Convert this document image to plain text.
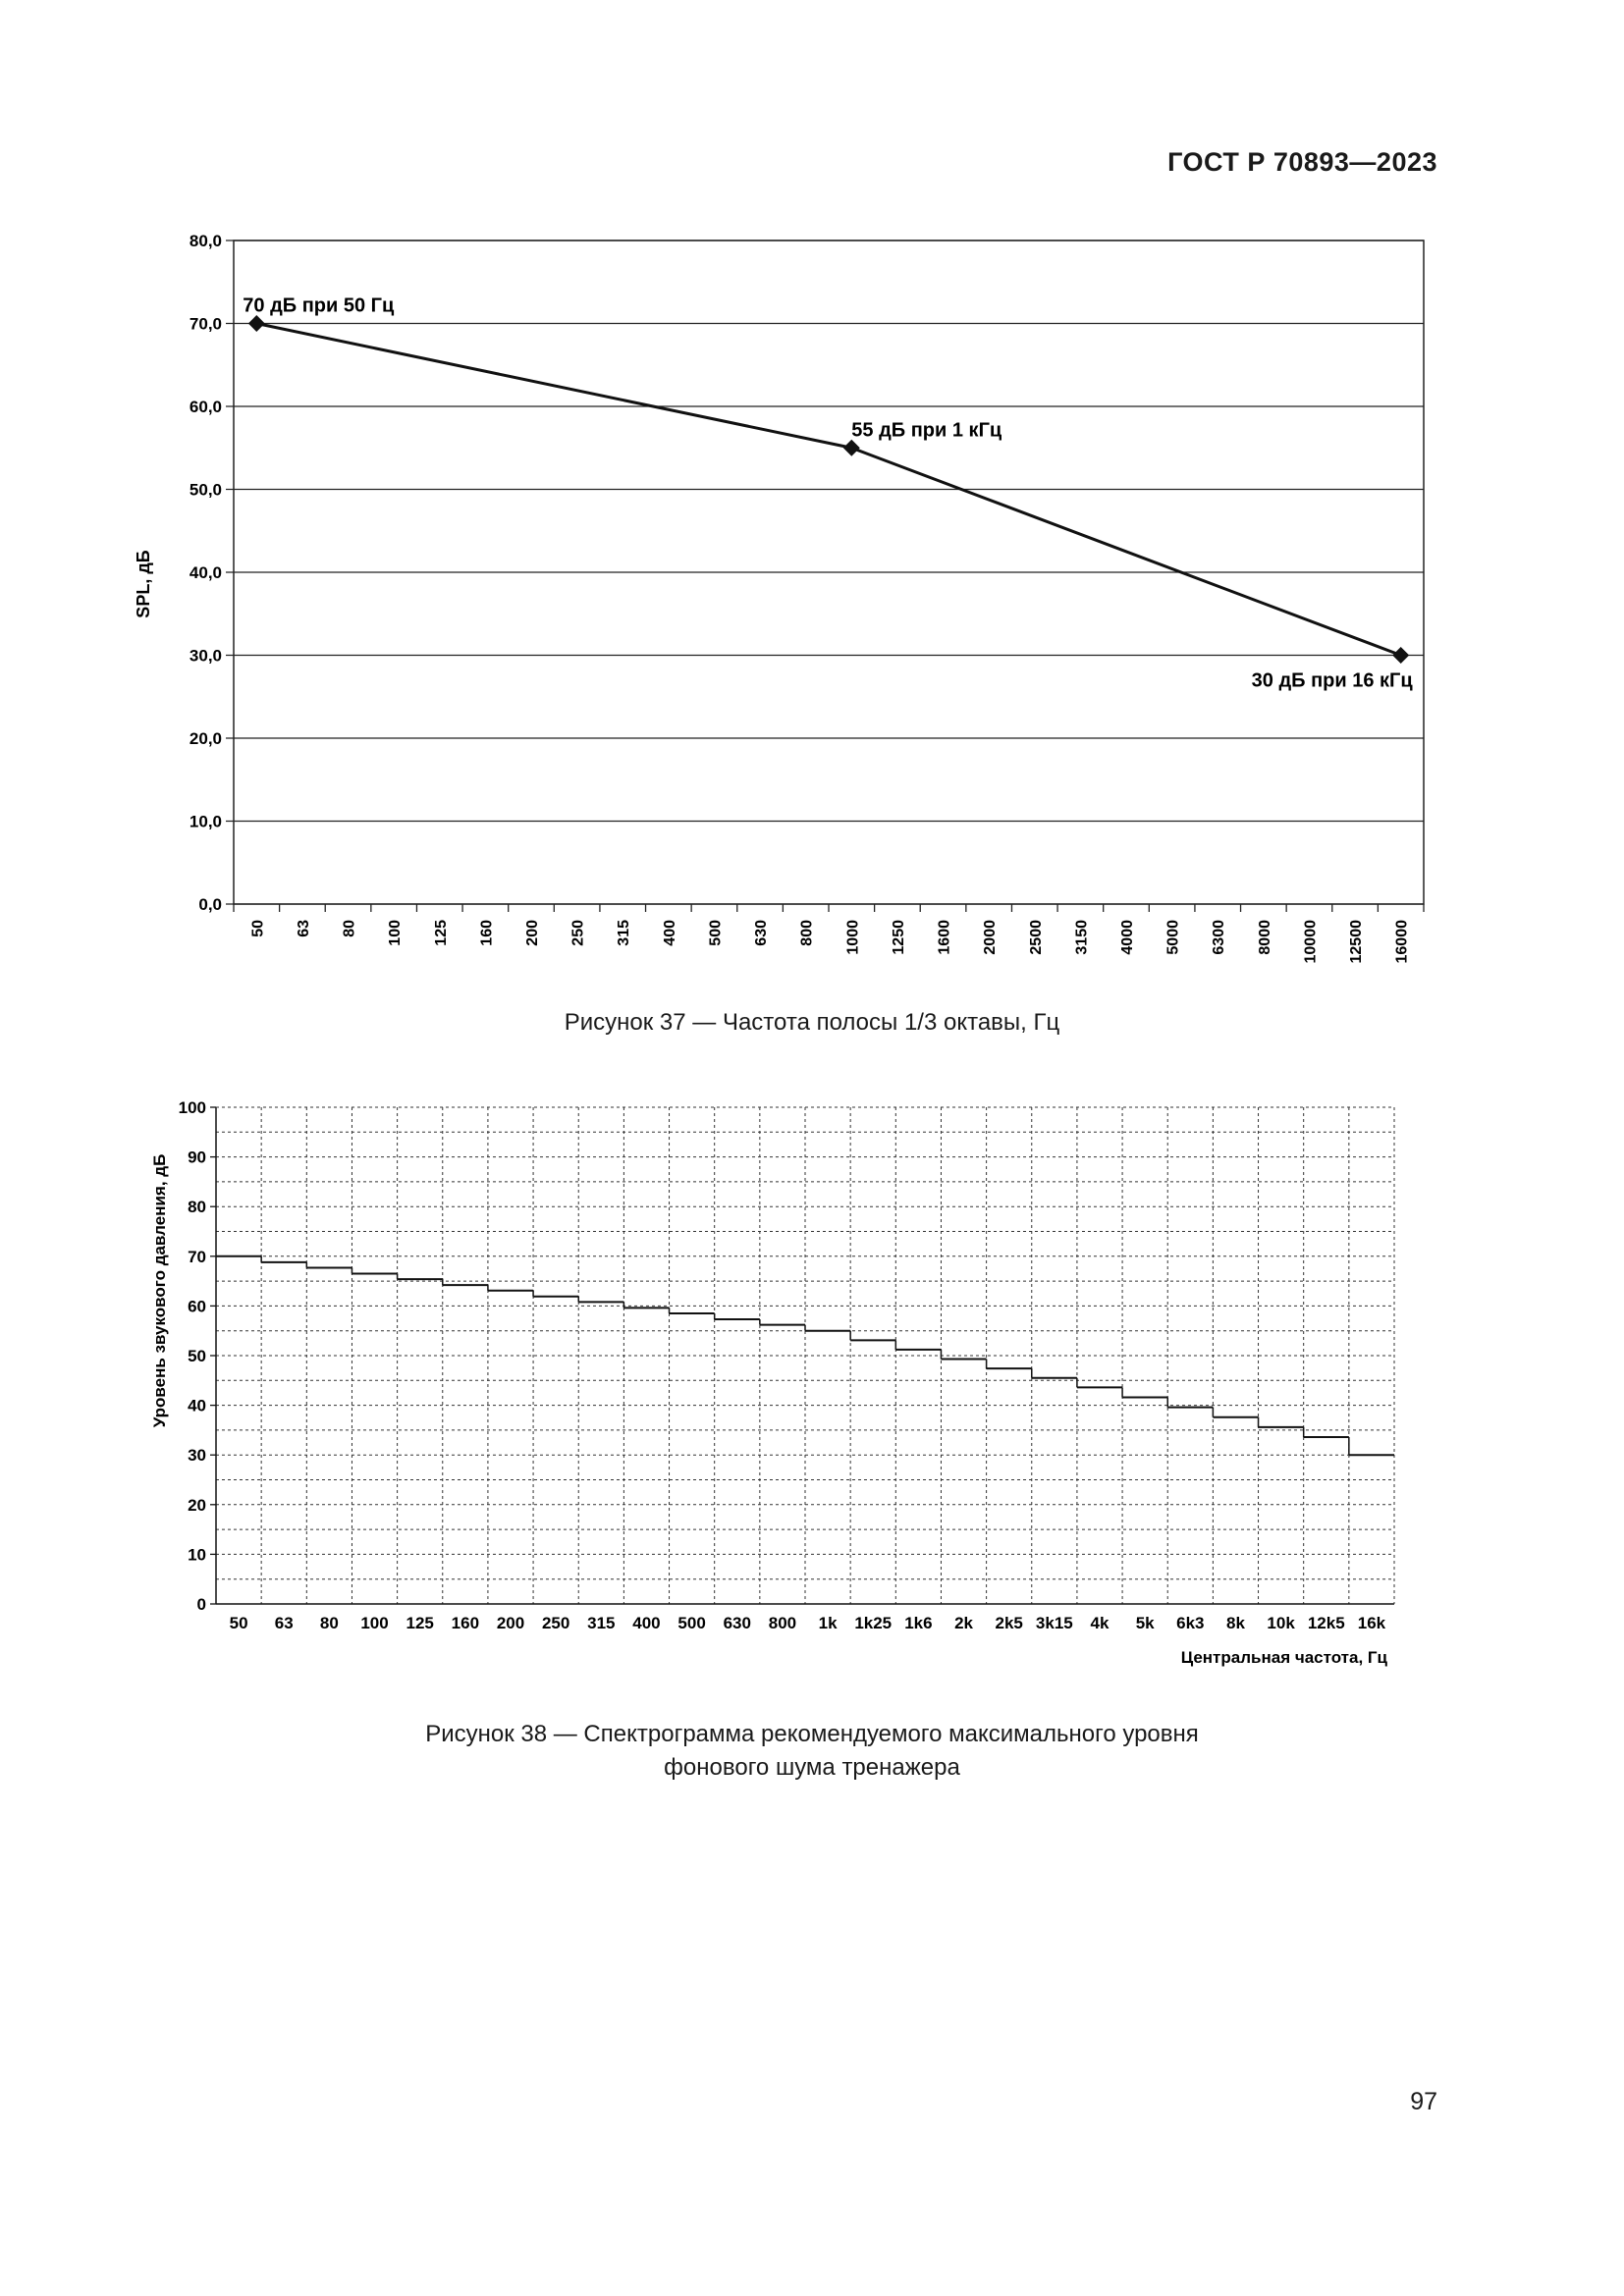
ГОСТ Р 70893—2023
0,0
10,0
20,0
30,0
40,0
50,0
60,0
70,0
80,0
50 63 80 100 125 160 200 250 315 400 500 630 800 1000 1250 1600 2000 2500 3150 4000 5000 6300 8000 10000 12500 16000
70 дБ при 50 Гц
55 дБ при 1 кГц
30 дБ при 16 кГц
SPL, дБ
Рисунок 37 — Частота полосы 1/3 октавы, Гц
0
10
20
30
40
50
60
70
80
90
100
50 63 80 100 125 160 200 250 315 400 500 630 800 1k 1k25 1k6 2k 2k5 3k15 4k 5k 6k3 8k 10k 12k5 16k
Уровень звукового давления, дБ
Центральная частота, Гц
Рисунок 38 — Спектрограмма рекомендуемого максимального уровня
фонового шума тренажера
97
